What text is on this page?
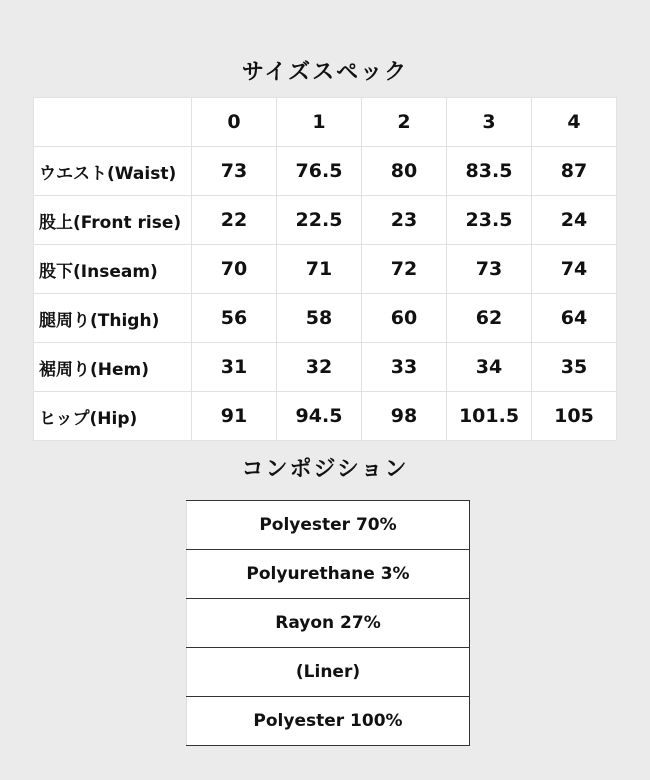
サイズスペック
	0	1	2	3	4
ウエスト(Waist)	73	76.5	80	83.5	87
股上(Front rise)	22	22.5	23	23.5	24
股下(Inseam)	70	71	72	73	74
腿周り(Thigh)	56	58	60	62	64
裾周り(Hem)	31	32	33	34	35
ヒップ(Hip)	91	94.5	98	101.5	105
コンポジション
Polyester 70%
Polyurethane 3%
Rayon 27%
(Liner)
Polyester 100%
